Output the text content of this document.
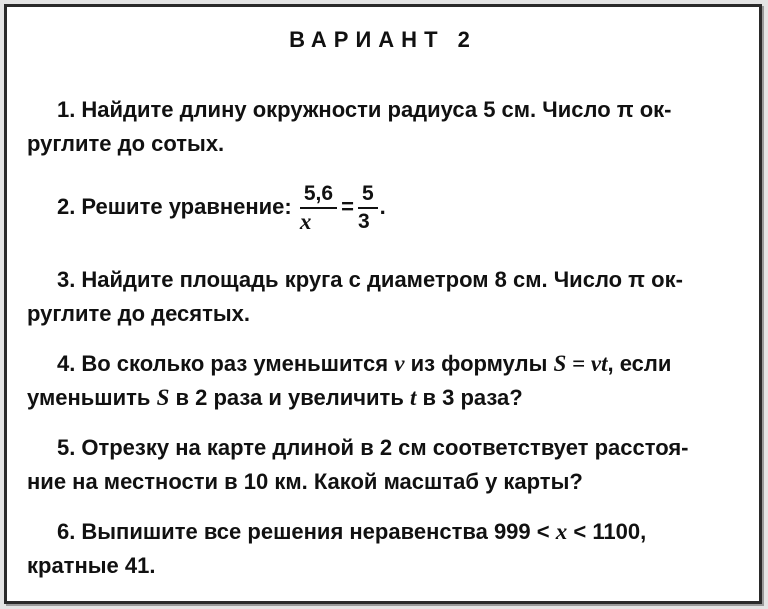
ВАРИАНТ 2
1. Найдите длину окружности радиуса 5 см. Число π ок-
руглите до сотых.
2. Решите уравнение: $\frac{5,6}{x} = \frac{5}{3}$ .
3. Найдите площадь круга с диаметром 8 см. Число π ок-
руглите до десятых.
4. Во сколько раз уменьшится v из формулы S = vt, если
уменьшить S в 2 раза и увеличить t в 3 раза?
5. Отрезку на карте длиной в 2 см соответствует расстоя-
ние на местности в 10 км. Какой масштаб у карты?
6. Выпишите все решения неравенства 999 < x < 1100,
кратные 41.
